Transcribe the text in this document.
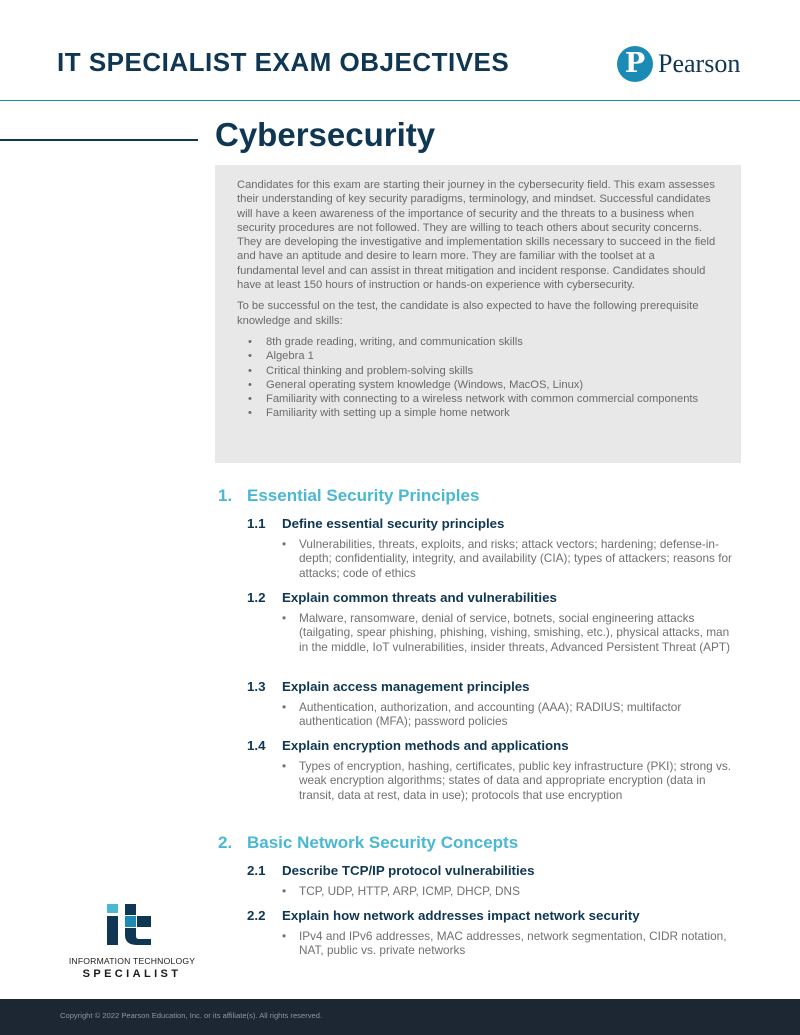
IT SPECIALIST EXAM OBJECTIVES	P Pearson
Cybersecurity

Candidates for this exam are starting their journey in the cybersecurity field. This exam assesses their understanding of key security paradigms, terminology, and mindset. Successful candidates will have a keen awareness of the importance of security and the threats to a business when security procedures are not followed. They are willing to teach others about security concerns. They are developing the investigative and implementation skills necessary to succeed in the field and have an aptitude and desire to learn more. They are familiar with the toolset at a fundamental level and can assist in threat mitigation and incident response. Candidates should have at least 150 hours of instruction or hands-on experience with cybersecurity.

To be successful on the test, the candidate is also expected to have the following prerequisite knowledge and skills:

• 8th grade reading, writing, and communication skills
• Algebra 1
• Critical thinking and problem-solving skills
• General operating system knowledge (Windows, MacOS, Linux)
• Familiarity with connecting to a wireless network with common commercial components
• Familiarity with setting up a simple home network
1. Essential Security Principles
1.1	Define essential security principles
• Vulnerabilities, threats, exploits, and risks; attack vectors; hardening; defense-in-depth; confidentiality, integrity, and availability (CIA); types of attackers; reasons for attacks; code of ethics
1.2	Explain common threats and vulnerabilities
• Malware, ransomware, denial of service, botnets, social engineering attacks (tailgating, spear phishing, phishing, vishing, smishing, etc.), physical attacks, man in the middle, IoT vulnerabilities, insider threats, Advanced Persistent Threat (APT)
1.3	Explain access management principles
• Authentication, authorization, and accounting (AAA); RADIUS; multifactor authentication (MFA); password policies
1.4	Explain encryption methods and applications
• Types of encryption, hashing, certificates, public key infrastructure (PKI); strong vs. weak encryption algorithms; states of data and appropriate encryption (data in transit, data at rest, data in use); protocols that use encryption
2. Basic Network Security Concepts
2.1	Describe TCP/IP protocol vulnerabilities
• TCP, UDP, HTTP, ARP, ICMP, DHCP, DNS
2.2	Explain how network addresses impact network security
• IPv4 and IPv6 addresses, MAC addresses, network segmentation, CIDR notation, NAT, public vs. private networks
INFORMATION TECHNOLOGY
SPECIALIST
Copyright © 2022 Pearson Education, Inc. or its affiliate(s). All rights reserved.
